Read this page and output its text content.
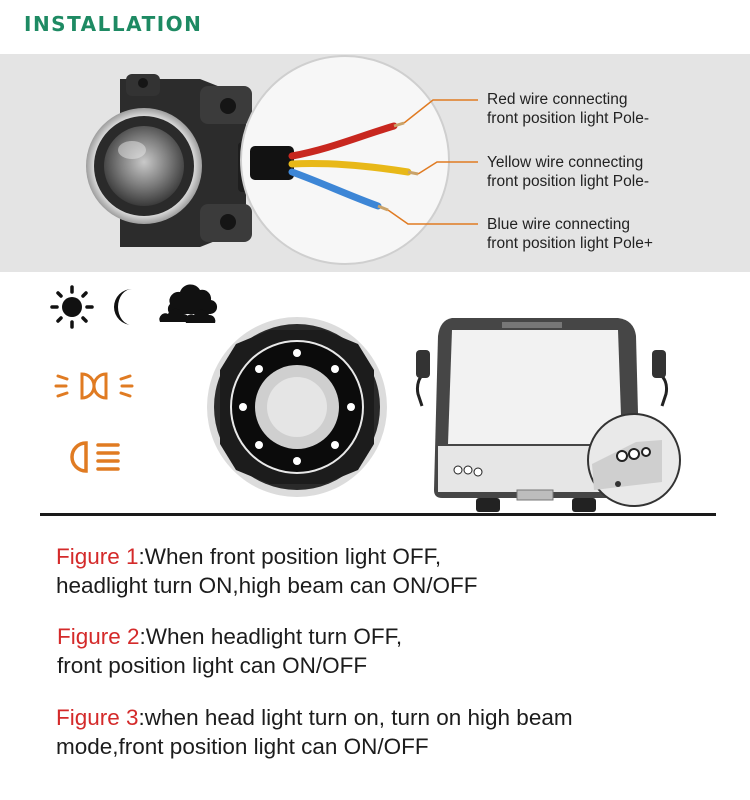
INSTALLATION
Red wire connecting
front position light Pole-
Yellow wire connecting
front position light Pole-
Blue wire connecting
front position light Pole+
Figure 1:When front position light OFF,
headlight turn ON,high beam can ON/OFF
Figure 2:When headlight turn OFF,
front position light can ON/OFF
Figure 3:when head light turn on, turn on high beam
mode,front position light can ON/OFF
